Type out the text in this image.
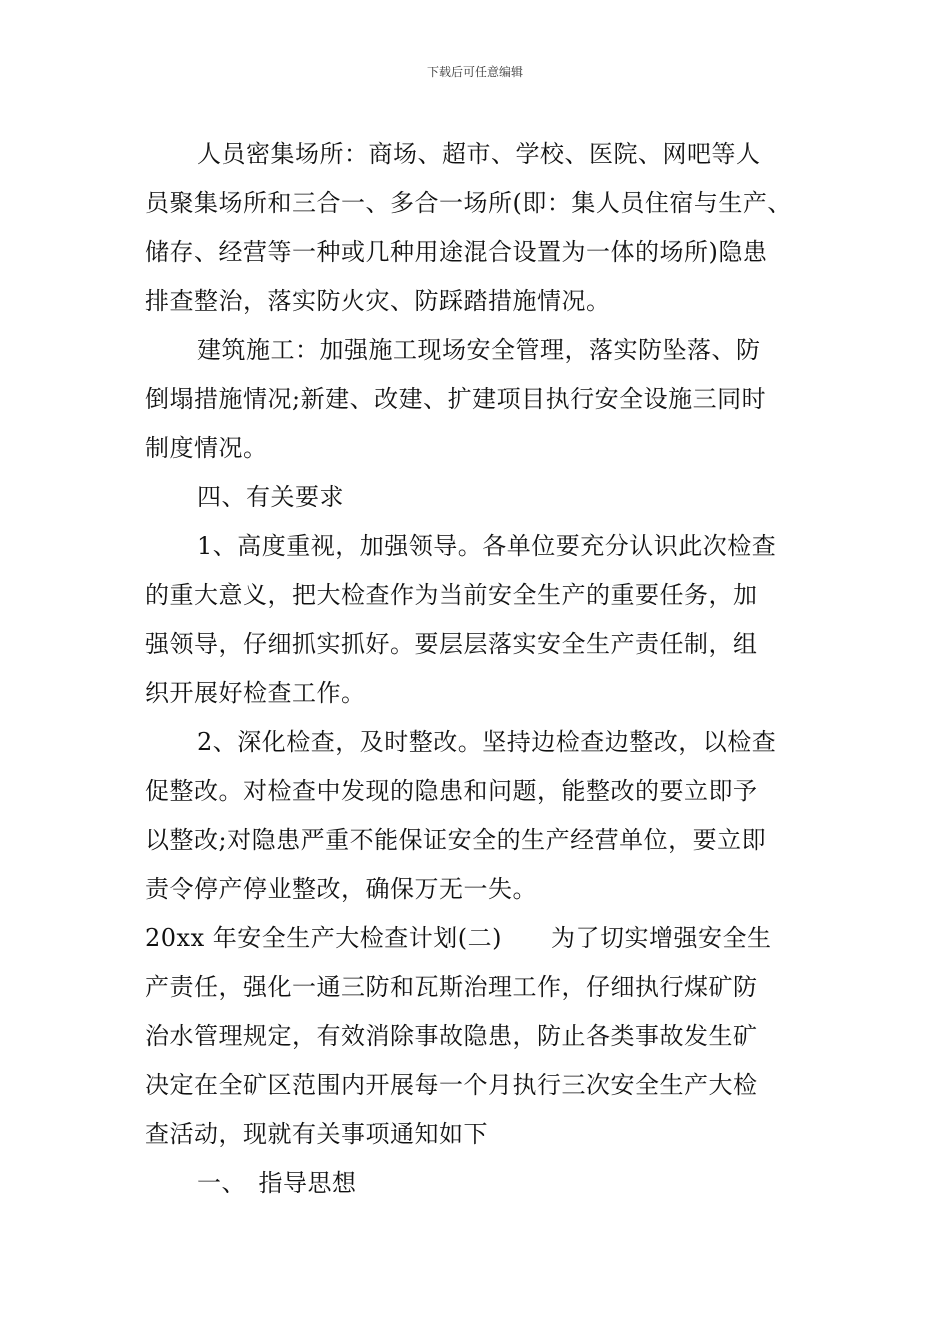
下载后可任意编辑
人员密集场所：商场、超市、学校、医院、网吧等人
员聚集场所和三合一、多合一场所(即：集人员住宿与生产、
储存、经营等一种或几种用途混合设置为一体的场所)隐患
排查整治，落实防火灾、防踩踏措施情况。
建筑施工：加强施工现场安全管理，落实防坠落、防
倒塌措施情况;新建、改建、扩建项目执行安全设施三同时
制度情况。
四、有关要求
1、高度重视，加强领导。各单位要充分认识此次检查
的重大意义，把大检查作为当前安全生产的重要任务，加
强领导，仔细抓实抓好。要层层落实安全生产责任制，组
织开展好检查工作。
2、深化检查，及时整改。坚持边检查边整改，以检查
促整改。对检查中发现的隐患和问题，能整改的要立即予
以整改;对隐患严重不能保证安全的生产经营单位，要立即
责令停产停业整改，确保万无一失。
20xx 年安全生产大检查计划(二)　　为了切实增强安全生
产责任，强化一通三防和瓦斯治理工作，仔细执行煤矿防
治水管理规定，有效消除事故隐患，防止各类事故发生矿
决定在全矿区范围内开展每一个月执行三次安全生产大检
查活动，现就有关事项通知如下
一、　指导思想
